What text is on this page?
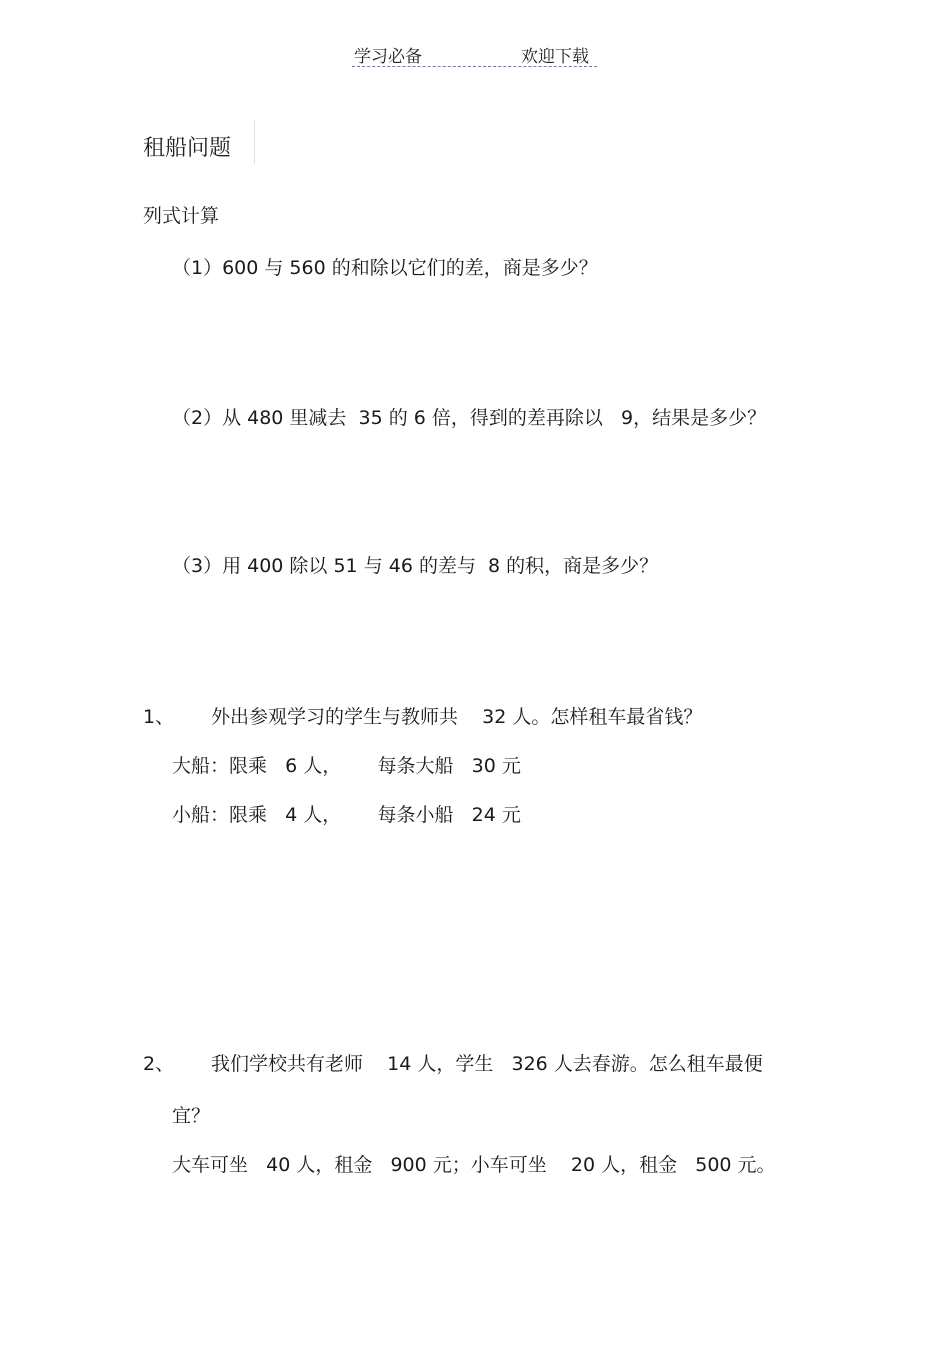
学习必备	欢迎下载
租船问题
列式计算
（1）600 与 560 的和除以它们的差，商是多少？
（2）从 480 里减去  35 的 6 倍，得到的差再除以   9，结果是多少？
（3）用 400 除以 51 与 46 的差与  8 的积，商是多少？
1、 外出参观学习的学生与教师共    32 人。怎样租车最省钱？
大船：限乘   6 人，      每条大船   30 元
小船：限乘   4 人，      每条小船   24 元
2、 我们学校共有老师    14 人，学生   326 人去春游。怎么租车最便
宜？
大车可坐   40 人，租金   900 元；小车可坐    20 人，租金   500 元。
